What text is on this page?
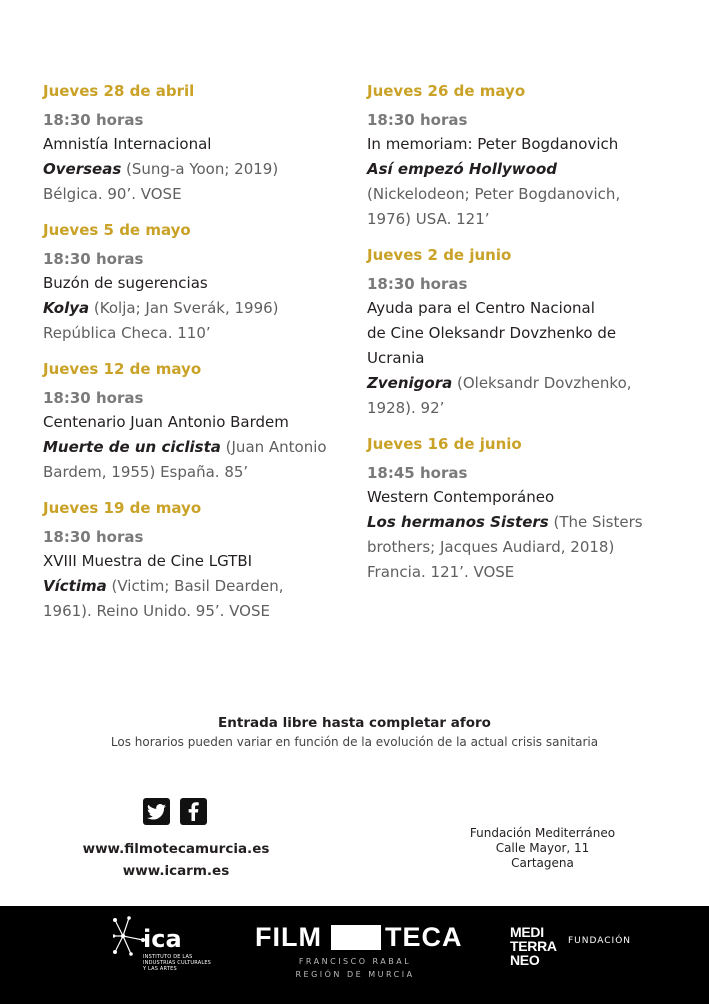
Jueves 28 de abril
18:30 horas
Amnistía Internacional
Overseas (Sung-a Yoon; 2019)
Bélgica. 90’. VOSE
Jueves 5 de mayo
18:30 horas
Buzón de sugerencias
Kolya (Kolja; Jan Sverák, 1996)
República Checa. 110’
Jueves 12 de mayo
18:30 horas
Centenario Juan Antonio Bardem
Muerte de un ciclista (Juan Antonio
Bardem, 1955) España. 85’
Jueves 19 de mayo
18:30 horas
XVIII Muestra de Cine LGTBI
Víctima (Victim; Basil Dearden,
1961). Reino Unido. 95’. VOSE
Jueves 26 de mayo
18:30 horas
In memoriam: Peter Bogdanovich
Así empezó Hollywood
(Nickelodeon; Peter Bogdanovich,
1976) USA. 121’
Jueves 2 de junio
18:30 horas
Ayuda para el Centro Nacional
de Cine Oleksandr Dovzhenko de
Ucrania
Zvenigora (Oleksandr Dovzhenko,
1928). 92’
Jueves 16 de junio
18:45 horas
Western Contemporáneo
Los hermanos Sisters (The Sisters
brothers; Jacques Audiard, 2018)
Francia. 121’. VOSE
Entrada libre hasta completar aforo
Los horarios pueden variar en función de la evolución de la actual crisis sanitaria
www.filmotecamurcia.es
www.icarm.es
Fundación Mediterráneo
Calle Mayor, 11
Cartagena
ica
INSTITUTO DE LAS INDUSTRIAS CULTURALES Y LAS ARTES
FILM TECA
FRANCISCO RABAL
REGIÓN DE MURCIA
MEDI
TERRA
NEO
FUNDACIÓN
